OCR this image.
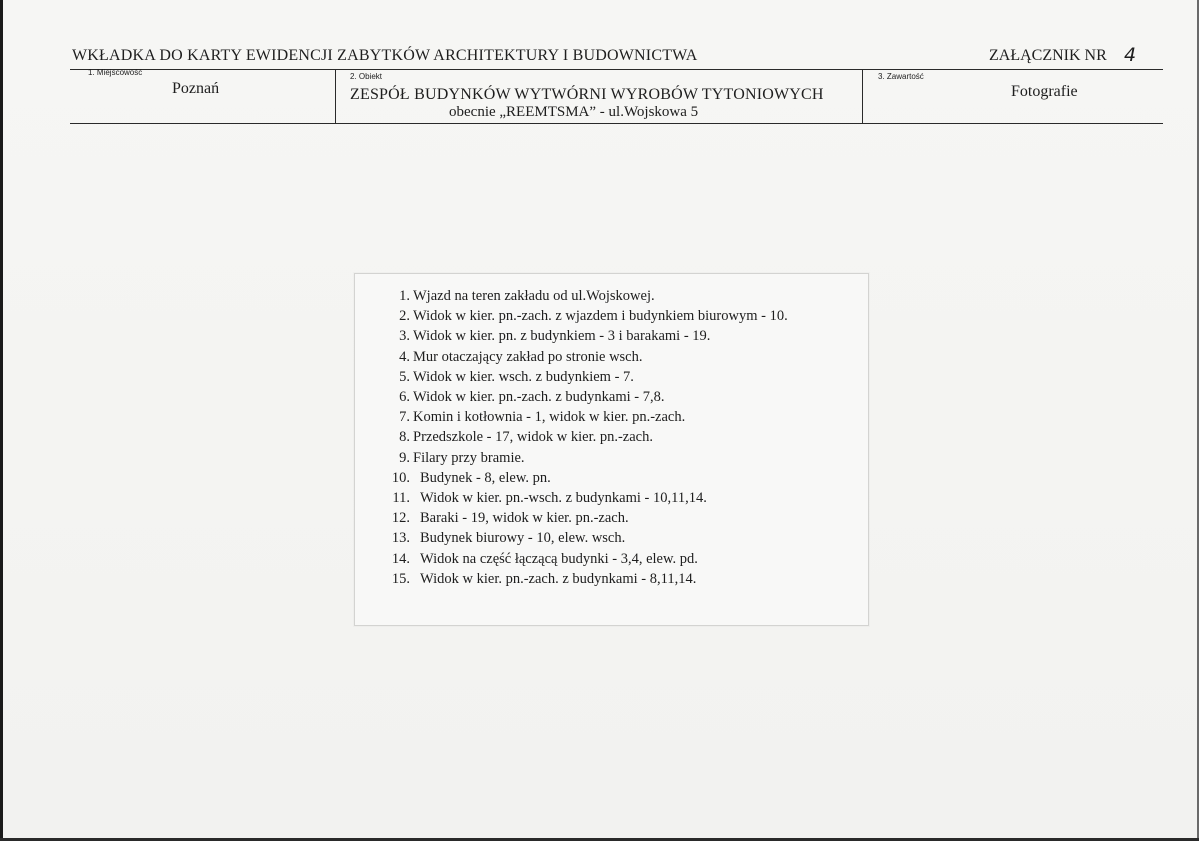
WKŁADKA DO KARTY EWIDENCJI ZABYTKÓW ARCHITEKTURY I BUDOWNICTWA	ZAŁĄCZNIK NR 4
1. Miejscowość
Poznań
2. Obiekt
ZESPÓŁ BUDYNKÓW WYTWÓRNI WYROBÓW TYTONIOWYCH
obecnie „REEMTSMA” - ul.Wojskowa 5
3. Zawartość
Fotografie
1. Wjazd na teren zakładu od ul.Wojskowej.
2. Widok w kier. pn.-zach. z wjazdem i budynkiem biurowym - 10.
3. Widok w kier. pn. z budynkiem - 3 i barakami - 19.
4. Mur otaczający zakład po stronie wsch.
5. Widok w kier. wsch. z budynkiem - 7.
6. Widok w kier. pn.-zach. z budynkami - 7,8.
7. Komin i kotłownia - 1, widok w kier. pn.-zach.
8. Przedszkole - 17, widok w kier. pn.-zach.
9. Filary przy bramie.
10. Budynek - 8, elew. pn.
11. Widok w kier. pn.-wsch. z budynkami - 10,11,14.
12. Baraki - 19, widok w kier. pn.-zach.
13. Budynek biurowy - 10, elew. wsch.
14. Widok na część łączącą budynki - 3,4, elew. pd.
15. Widok w kier. pn.-zach. z budynkami - 8,11,14.
